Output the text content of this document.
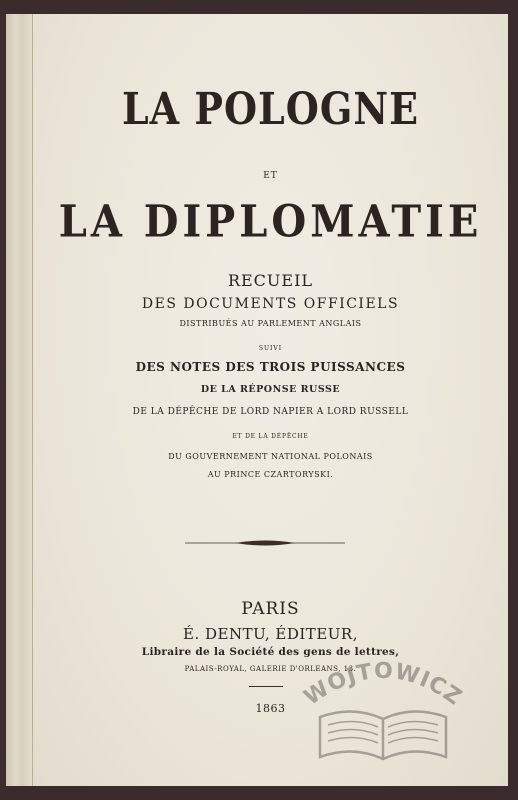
LA POLOGNE
ET
LA DIPLOMATIE
RECUEIL
DES DOCUMENTS OFFICIELS
DISTRIBUÉS AU PARLEMENT ANGLAIS
SUIVI
DES NOTES DES TROIS PUISSANCES
DE LA RÉPONSE RUSSE
DE LA DÉPÊCHE DE LORD NAPIER A LORD RUSSELL
ET DE LA DÉPÊCHE
DU GOUVERNEMENT NATIONAL POLONAIS
AU PRINCE CZARTORYSKI.
PARIS
É. DENTU, ÉDITEUR,
Libraire de la Société des gens de lettres,
PALAIS-ROYAL, GALERIE D'ORLEANS, 13.
1863 WOJTOWICZ
